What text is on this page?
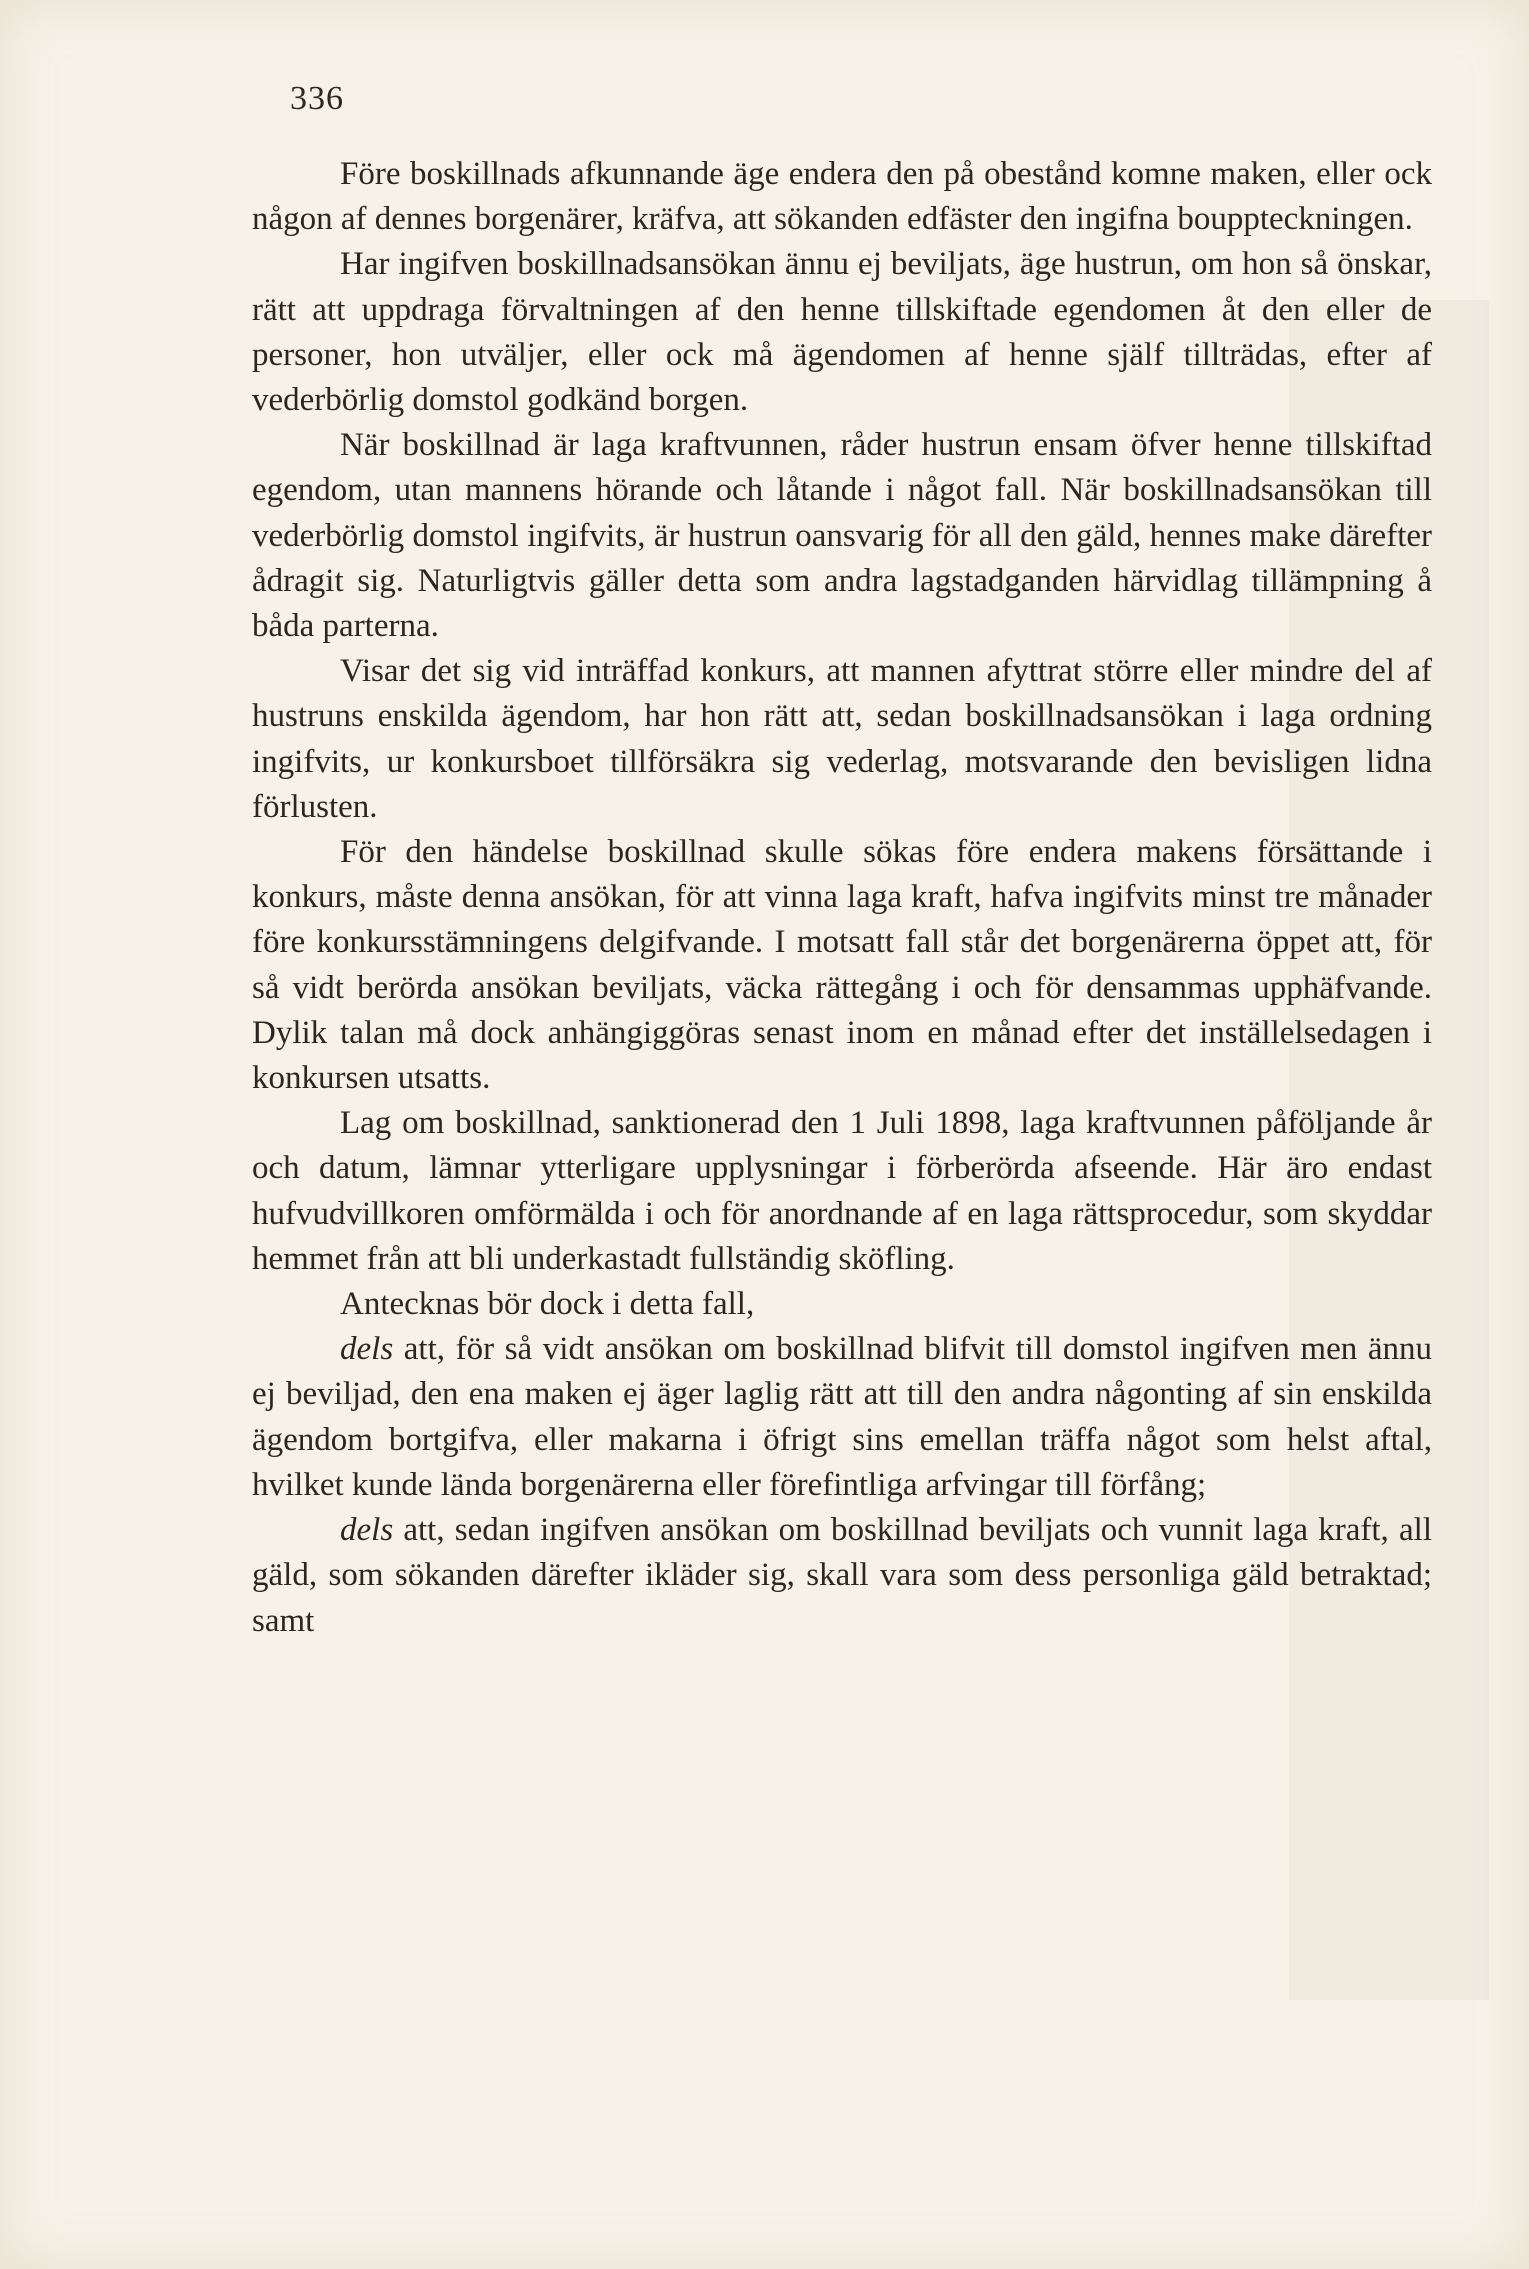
336

Före boskillnads afkunnande äge endera den på obestånd komne maken, eller ock någon af dennes borgenärer, kräfva, att sökanden edfäster den ingifna bouppteckningen.

Har ingifven boskillnadsansökan ännu ej beviljats, äge hustrun, om hon så önskar, rätt att uppdraga förvaltningen af den henne tillskiftade egendomen åt den eller de personer, hon utväljer, eller ock må ägendomen af henne själf tillträdas, efter af vederbörlig domstol godkänd borgen.

När boskillnad är laga kraftvunnen, råder hustrun ensam öfver henne tillskiftad egendom, utan mannens hörande och låtande i något fall. När boskillnadsansökan till vederbörlig domstol ingifvits, är hustrun oansvarig för all den gäld, hennes make därefter ådragit sig. Naturligtvis gäller detta som andra lagstadganden härvidlag tillämpning å båda parterna.

Visar det sig vid inträffad konkurs, att mannen afyttrat större eller mindre del af hustruns enskilda ägendom, har hon rätt att, sedan boskillnadsansökan i laga ordning ingifvits, ur konkursboet tillförsäkra sig vederlag, motsvarande den bevisligen lidna förlusten.

För den händelse boskillnad skulle sökas före endera makens försättande i konkurs, måste denna ansökan, för att vinna laga kraft, hafva ingifvits minst tre månader före konkursstämningens delgifvande. I motsatt fall står det borgenärerna öppet att, för så vidt berörda ansökan beviljats, väcka rättegång i och för densammas upphäfvande. Dylik talan må dock anhängiggöras senast inom en månad efter det inställelsedagen i konkursen utsatts.

Lag om boskillnad, sanktionerad den 1 Juli 1898, laga kraftvunnen påföljande år och datum, lämnar ytterligare upplysningar i förberörda afseende. Här äro endast hufvudvillkoren omförmälda i och för anordnande af en laga rättsprocedur, som skyddar hemmet från att bli underkastadt fullständig sköfling.

Antecknas bör dock i detta fall,

dels att, för så vidt ansökan om boskillnad blifvit till domstol ingifven men ännu ej beviljad, den ena maken ej äger laglig rätt att till den andra någonting af sin enskilda ägendom bortgifva, eller makarna i öfrigt sins emellan träffa något som helst aftal, hvilket kunde lända borgenärerna eller förefintliga arfvingar till förfång;

dels att, sedan ingifven ansökan om boskillnad beviljats och vunnit laga kraft, all gäld, som sökanden därefter ikläder sig, skall vara som dess personliga gäld betraktad; samt
